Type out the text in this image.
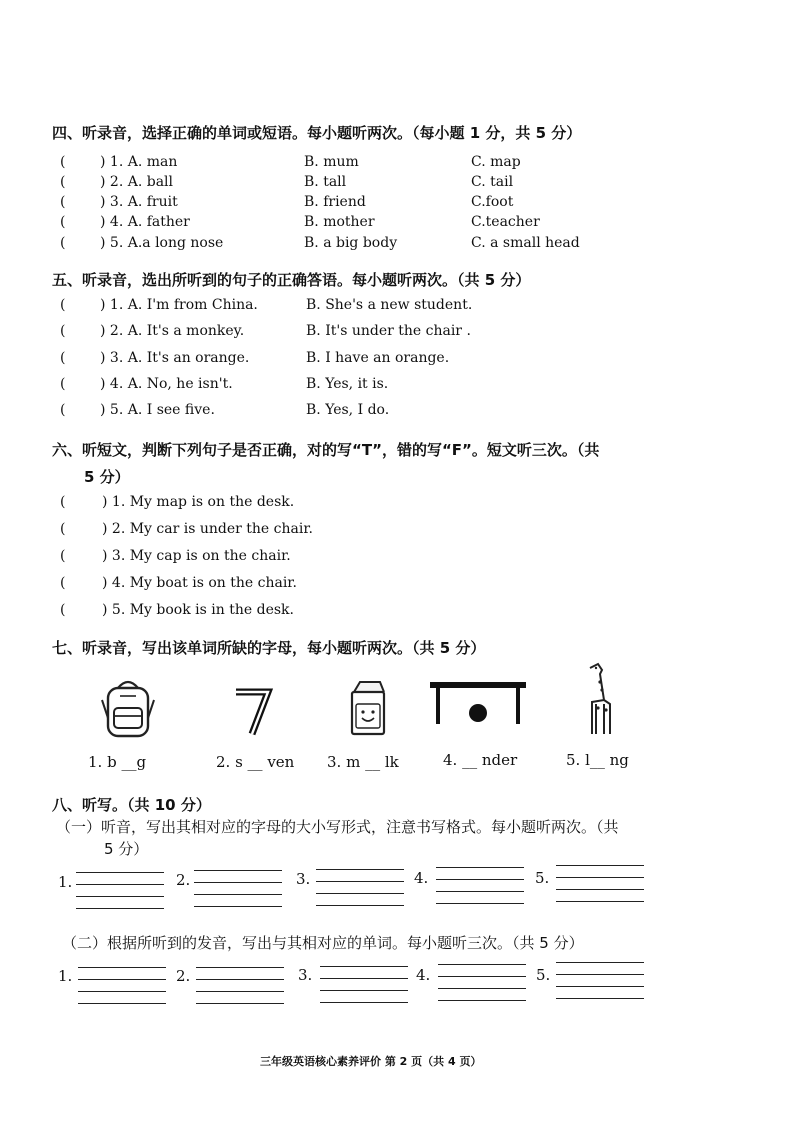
四、听录音，选择正确的单词或短语。每小题听两次。（每小题 1 分，共 5 分）
( ) 1. A. man	B. mum	C. map
( ) 2. A. ball	B. tall	C. tail
( ) 3. A. fruit	B. friend	C.foot
( ) 4. A. father	B. mother	C.teacher
( ) 5. A.a long nose	B. a big body	C. a small head
五、听录音，选出所听到的句子的正确答语。每小题听两次。（共 5 分）
( ) 1. A. I'm from China.	B. She's a new student.
( ) 2. A. It's a monkey.	B. It's under the chair .
( ) 3. A. It's an orange.	B. I have an orange.
( ) 4. A. No, he isn't.	B. Yes, it is.
( ) 5. A. I see five.	B. Yes, I do.
六、听短文，判断下列句子是否正确，对的写“T”，错的写“F”。短文听三次。（共
5 分）
(	) 1. My map is on the desk.
(	) 2. My car is under the chair.
(	) 3. My cap is on the chair.
(	) 4. My boat is on the chair.
(	) 5. My book is in the desk.
七、听录音，写出该单词所缺的字母，每小题听两次。（共 5 分）
1. b __g	2. s __ ven 3. m __ lk	4. __ nder	5. l__ ng
八、听写。（共 10 分）
（一）听音，写出其相对应的字母的大小写形式，注意书写格式。每小题听两次。（共
5 分）
1.	2.	3.	4.	5.
（二）根据所听到的发音，写出与其相对应的单词。每小题听三次。（共 5 分）
1.	2.	3.	4.	5.
三年级英语核心素养评价 第 2 页（共 4 页）
